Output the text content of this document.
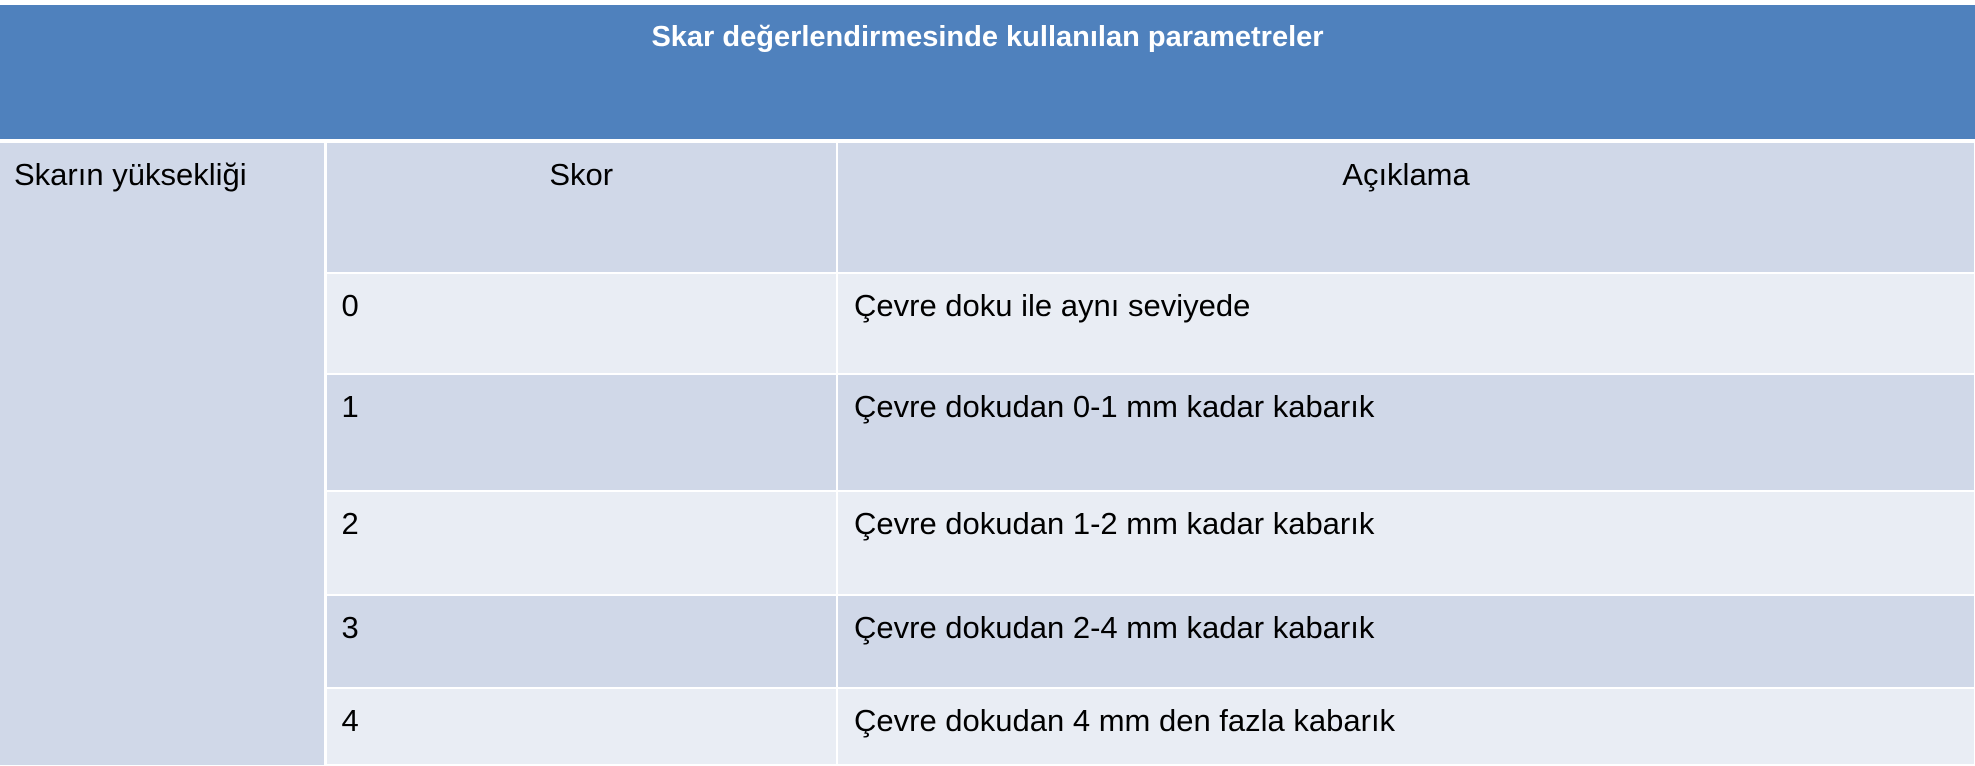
Skar değerlendirmesinde kullanılan parametreler		
Skarın yüksekliği	Skor	Açıklama
	0	Çevre doku ile aynı seviyede
	1	Çevre dokudan 0-1 mm kadar kabarık
	2	Çevre dokudan 1-2 mm kadar kabarık
	3	Çevre dokudan 2-4 mm kadar kabarık
	4	Çevre dokudan 4 mm den fazla kabarık
